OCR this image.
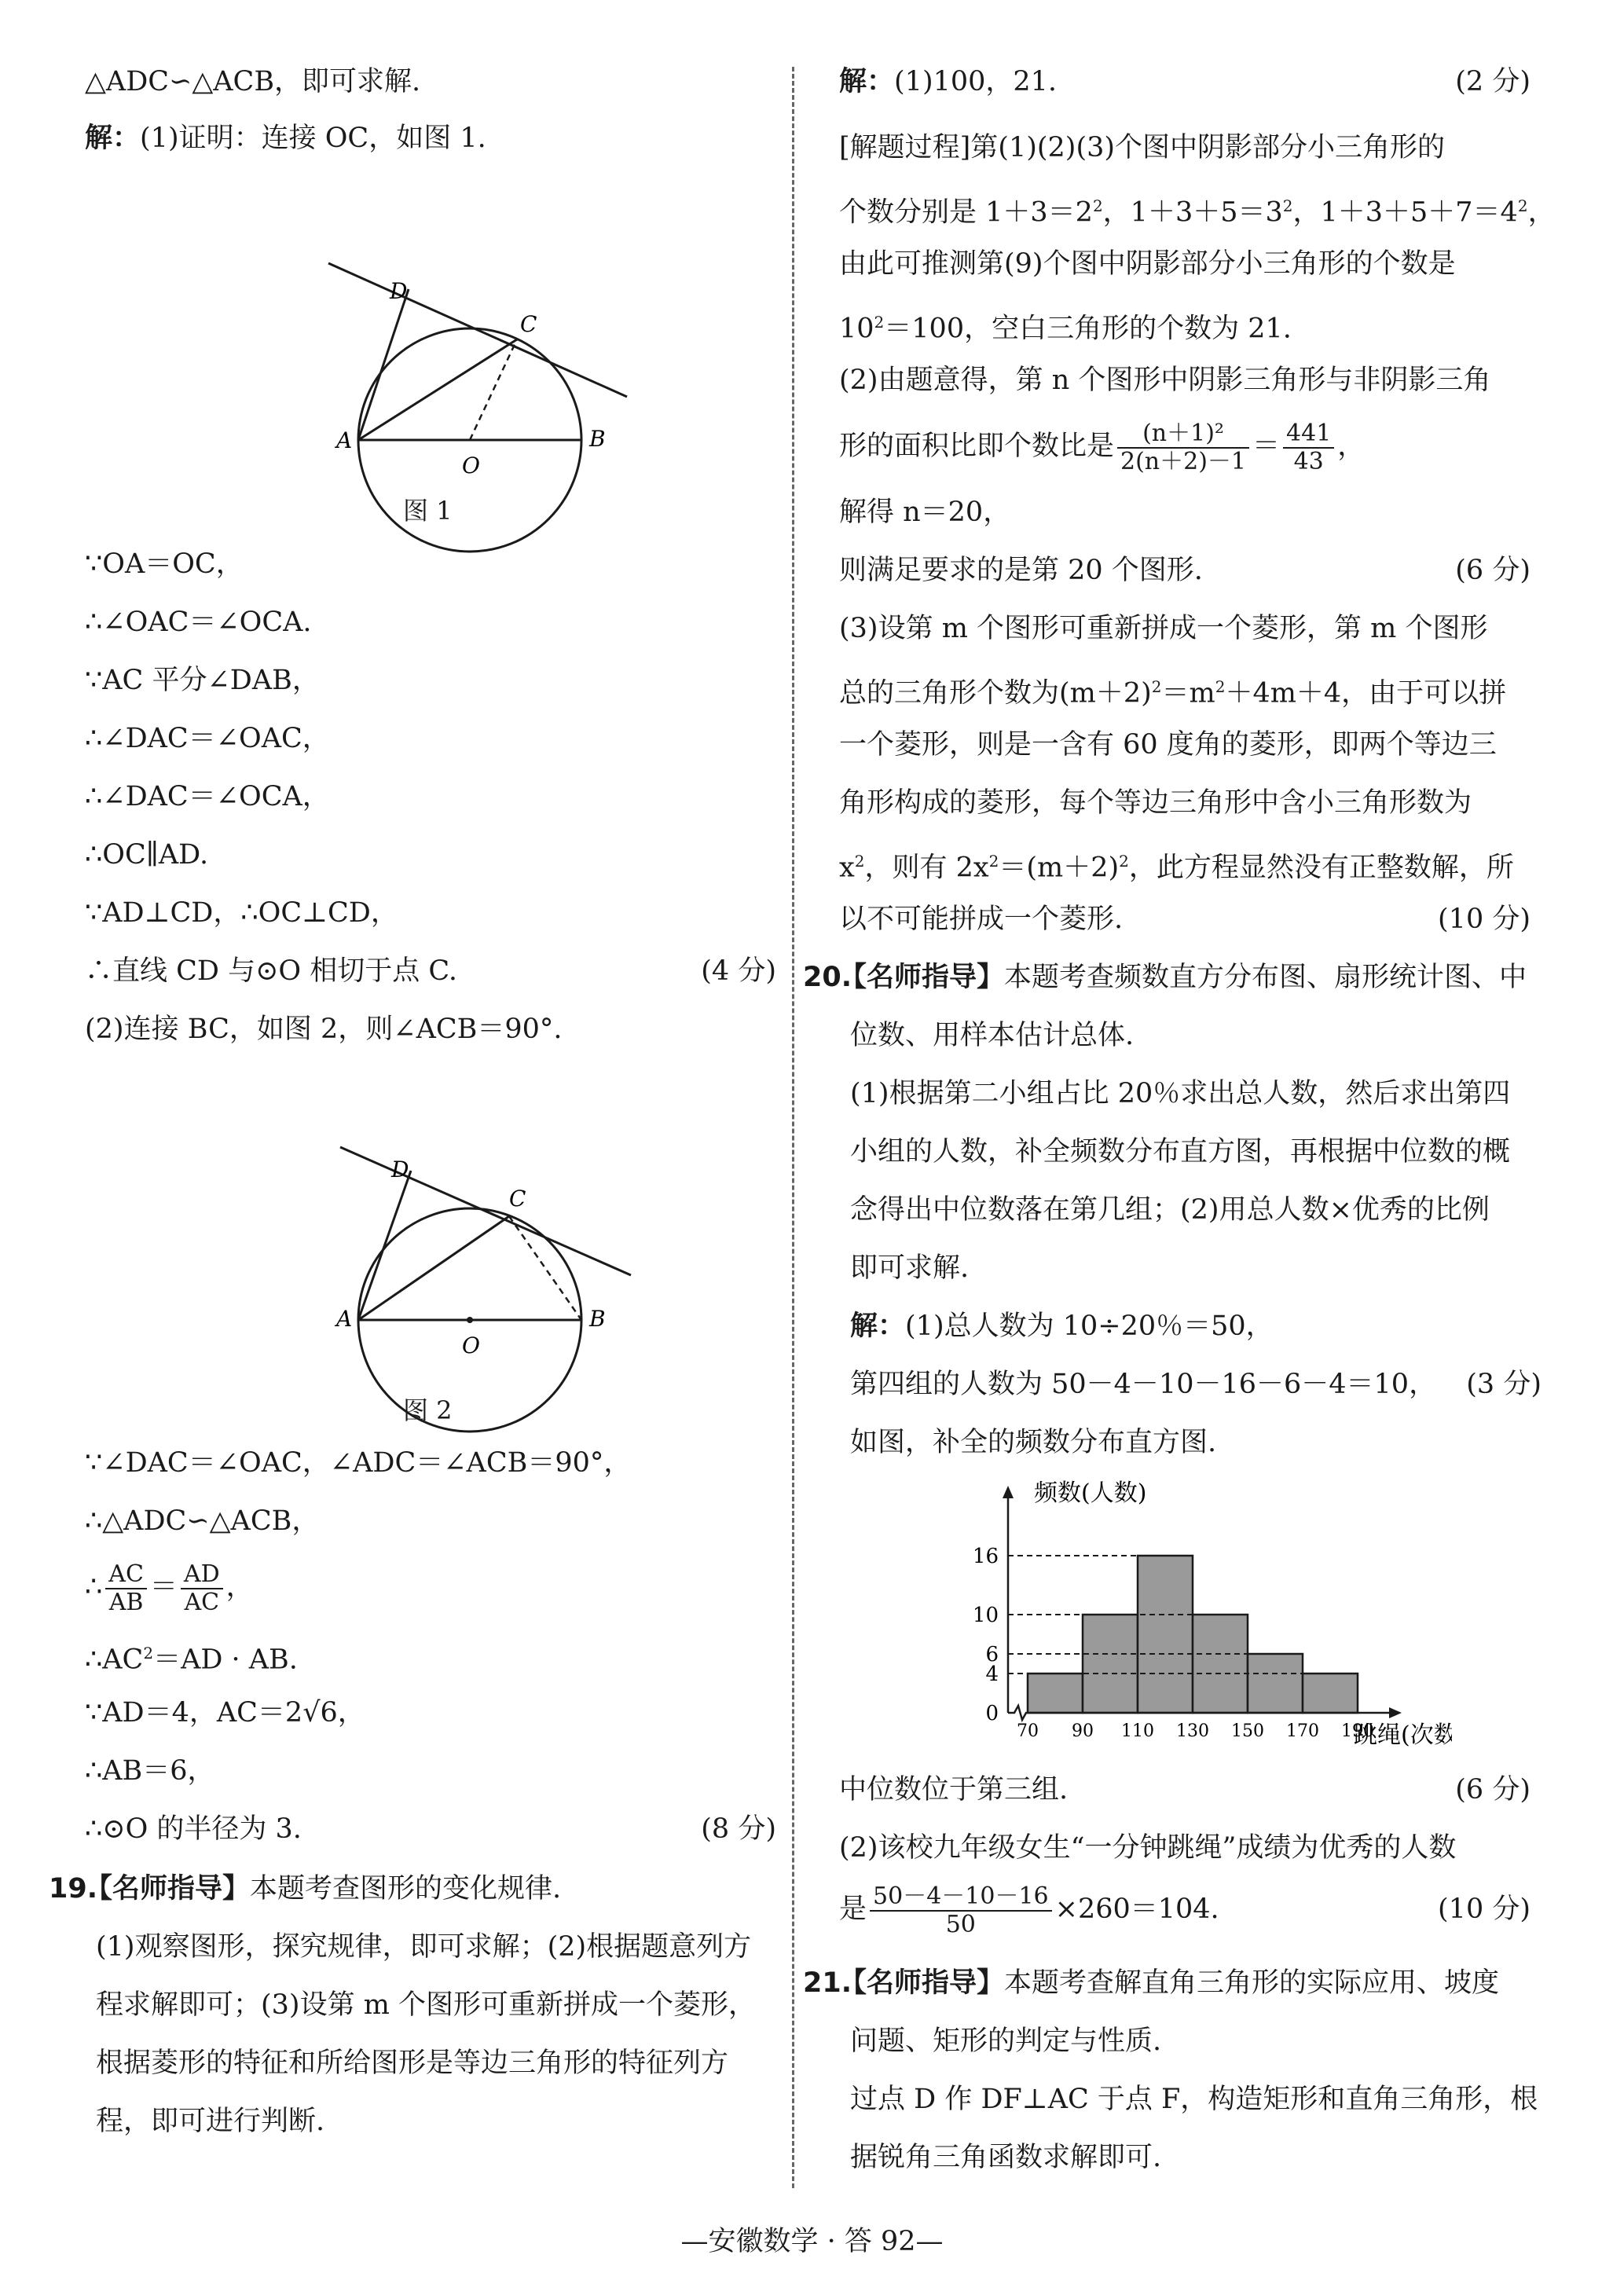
△ADC∽△ACB，即可求解.
解：(1)证明：连接 OC，如图 1.
D
C
A
O
B
图 1
∵OA＝OC，
∴∠OAC＝∠OCA.
∵AC 平分∠DAB，
∴∠DAC＝∠OAC，
∴∠DAC＝∠OCA，
∴OC∥AD.
∵AD⊥CD，∴OC⊥CD，
∴直线 CD 与⊙O 相切于点 C.	(4 分)
(2)连接 BC，如图 2，则∠ACB＝90°.
D
C
A
O
B
图 2
∵∠DAC＝∠OAC，∠ADC＝∠ACB＝90°，
∴△ADC∽△ACB，
∴ $\frac{AC}{AB} = \frac{AD}{AC}$ ，
$\therefore AC^2=AD$ · AB.
∵AD＝4，AC＝2√6，
∴AB＝6，
∴⊙O 的半径为 3.	(8 分)
19.
【名师指导】本题考查图形的变化规律.
(1)观察图形，探究规律，即可求解；(2)根据题意列方
程求解即可；(3)设第 m 个图形可重新拼成一个菱形，
根据菱形的特征和所给图形是等边三角形的特征列方
程，即可进行判断.
解：(1)100，21.	(2 分)
[解题过程]第(1)(2)(3)个图中阴影部分小三角形的
个数分别是 $1+3=2^2$，$1+3+5=3^2$，$1+3+5+7=4^2$，
由此可推测第(9)个图中阴影部分小三角形的个数是
$10^2=100$，空白三角形的个数为 21.
(2)由题意得，第 n 个图形中阴影三角形与非阴影三角
形的面积比即个数比是 $\frac{\text{(n＋1)²}}{2(n+2)-1} = \frac{441}{43}$ ，
解得 n＝20，
则满足要求的是第 20 个图形.	(6 分)
(3)设第 m 个图形可重新拼成一个菱形，第 m 个图形
总的三角形个数为$(m+2)^2=m^2+4m+4$，由于可以拼
一个菱形，则是一含有 60 度角的菱形，即两个等边三
角形构成的菱形，每个等边三角形中含小三角形数为
$x^2$，则有 $2x^2=(m+2)^2$，此方程显然没有正整数解，所
以不可能拼成一个菱形.	(10 分)
20.
【名师指导】本题考查频数直方分布图、扇形统计图、中
位数、用样本估计总体.
(1)根据第二小组占比 20％求出总人数，然后求出第四
小组的人数，补全频数分布直方图，再根据中位数的概
念得出中位数落在第几组；(2)用总人数×优秀的比例
即可求解.
解：(1)总人数为 10÷20％＝50，
第四组的人数为 50－4－10－16－6－4＝10， (3 分)
如图，补全的频数分布直方图.
频数(人数)
跳绳(次数
16
10
6
4
0
70 90 110 130 150 170 190
中位数位于第三组.	(6 分)
(2)该校九年级女生“一分钟跳绳”成绩为优秀的人数
是 $\frac{50-4-10-16}{50} \times 260=104$.	(10 分)
21.
【名师指导】本题考查解直角三角形的实际应用、坡度
问题、矩形的判定与性质.
过点 D 作 DF⊥AC 于点 F，构造矩形和直角三角形，根
据锐角三角函数求解即可.
—安徽数学 · 答 92—
